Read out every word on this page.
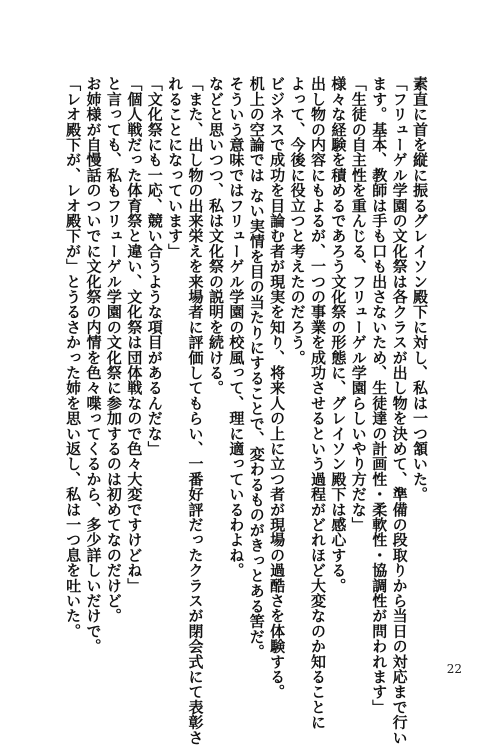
素直に首を縦に振るグレイソン殿下に対し、私は一つ頷いた。
「フリューゲル学園の文化祭は各クラスが出し物を決めて、準備の段取りから当日の対応まで行い
ます。基本、教師は手も口も出さないため、生徒達の計画性・柔軟性・協調性が問われます」
「生徒の自主性を重んじる、フリューゲル学園らしいやり方だな」
様々な経験を積めるであろう文化祭の形態に、グレイソン殿下は感心する。
出し物の内容にもよるが、一つの事業を成功させるという過程がどれほど大変なのか知ることに
よって、今後に役立つと考えたのだろう。
ビジネスで成功を目論む者が現実を知り、将来人の上に立つ者が現場の過酷さを体験する。
机上の空論では ない実情を目の当たりにすることで、変わるものがきっとある筈だ。
そういう意味ではフリューゲル学園の校風って、理に適っているわよね。
などと思いつつ、私は文化祭の説明を続ける。
「また、出し物の出来栄えを来場者に評価してもらい、一番好評だったクラスが閉会式にて表彰さ
れることになっています」
「文化祭にも一応、競い合うような項目があるんだな」
「個人戦だった体育祭と違い、文化祭は団体戦なので色々大変ですけどね」
と言っても、私もフリューゲル学園の文化祭に参加するのは初めてなのだけど。
お姉様が自慢話のついでに文化祭の内情を色々喋ってくるから、多少詳しいだけで。
「レオ殿下が、レオ殿下が」とうるさかった姉を思い返し、私は一つ息を吐いた。
22
